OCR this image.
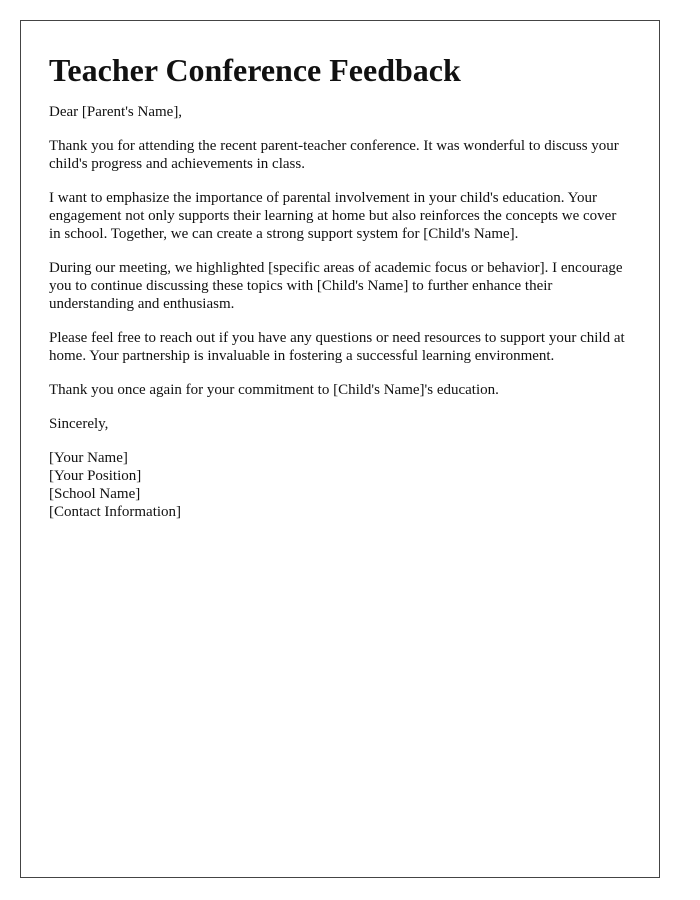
Teacher Conference Feedback

Dear [Parent's Name],

Thank you for attending the recent parent-teacher conference. It was wonderful to discuss your child's progress and achievements in class.

I want to emphasize the importance of parental involvement in your child's education. Your engagement not only supports their learning at home but also reinforces the concepts we cover in school. Together, we can create a strong support system for [Child's Name].

During our meeting, we highlighted [specific areas of academic focus or behavior]. I encourage you to continue discussing these topics with [Child's Name] to further enhance their understanding and enthusiasm.

Please feel free to reach out if you have any questions or need resources to support your child at home. Your partnership is invaluable in fostering a successful learning environment.

Thank you once again for your commitment to [Child's Name]'s education.

Sincerely,

[Your Name]

[Your Position]

[School Name]

[Contact Information]
